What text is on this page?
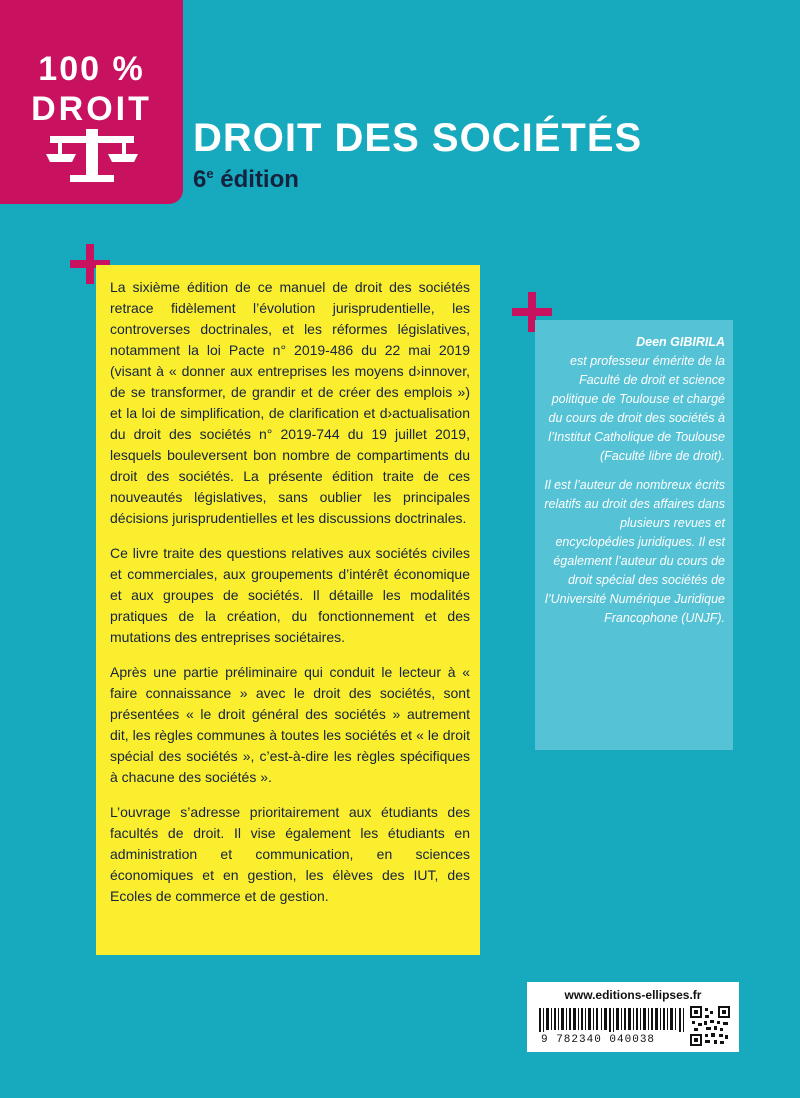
100 %
DROIT
DROIT DES SOCIÉTÉS
6e édition

La sixième édition de ce manuel de droit des sociétés retrace fidèlement l’évolution jurisprudentielle, les controverses doctrinales, et les réformes législatives, notamment la loi Pacte n° 2019-486 du 22 mai 2019 (visant à « donner aux entreprises les moyens d›innover, de se transformer, de grandir et de créer des emplois ») et la loi de simplification, de clarification et d›actualisation du droit des sociétés n° 2019-744 du 19 juillet 2019, lesquels bouleversent bon nombre de compartiments du droit des sociétés. La présente édition traite de ces nouveautés législatives, sans oublier les principales décisions jurisprudentielles et les discussions doctrinales.

Ce livre traite des questions relatives aux sociétés civiles et commerciales, aux groupements d’intérêt économique et aux groupes de sociétés. Il détaille les modalités pratiques de la création, du fonctionnement et des mutations des entreprises sociétaires.

Après une partie préliminaire qui conduit le lecteur à « faire connaissance » avec le droit des sociétés, sont présentées « le droit général des sociétés » autrement dit, les règles communes à toutes les sociétés et « le droit spécial des sociétés », c’est-à-dire les règles spécifiques à chacune des sociétés ».

L’ouvrage s’adresse prioritairement aux étudiants des facultés de droit. Il vise également les étudiants en administration et communication, en sciences économiques et en gestion, les élèves des IUT, des Ecoles de commerce et de gestion.

Deen GIBIRILA
est professeur émérite de la Faculté de droit et science politique de Toulouse et chargé du cours de droit des sociétés à l’Institut Catholique de Toulouse (Faculté libre de droit).

Il est l’auteur de nombreux écrits relatifs au droit des affaires dans plusieurs revues et encyclopédies juridiques. Il est également l’auteur du cours de droit spécial des sociétés de l’Université Numérique Juridique Francophone (UNJF).

www.editions-ellipses.fr
9 782340 040038
